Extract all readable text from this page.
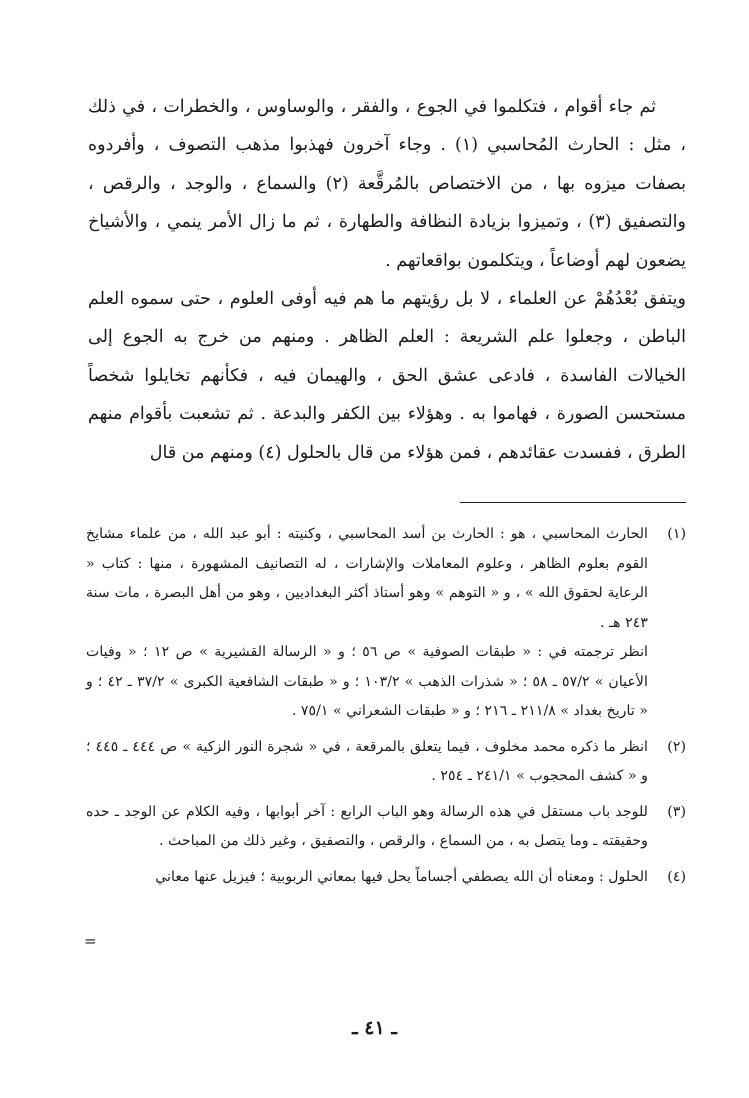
ثم جاء أقوام ، فتكلموا في الجوع ، والفقر ، والوساوس ، والخطرات ، في ذلك ، مثل : الحارث المُحاسبي (١) . وجاء آخرون فهذبوا مذهب التصوف ، وأفردوه بصفات ميزوه بها ، من الاختصاص بالمُرقَّعة (٢) والسماع ، والوجد ، والرقص ، والتصفيق (٣) ، وتميزوا بزيادة النظافة والطهارة ، ثم ما زال الأمر ينمي ، والأشياخ يضعون لهم أوضاعاً ، ويتكلمون بواقعاتهم .

ويتفق بُعْدُهُمْ عن العلماء ، لا بل رؤيتهم ما هم فيه أوفى العلوم ، حتى سموه العلم الباطن ، وجعلوا علم الشريعة : العلم الظاهر . ومنهم من خرج به الجوع إلى الخيالات الفاسدة ، فادعى عشق الحق ، والهيمان فيه ، فكأنهم تخايلوا شخصاً مستحسن الصورة ، فهاموا به . وهؤلاء بين الكفر والبدعة . ثم تشعبت بأقوام منهم الطرق ، ففسدت عقائدهم ، فمن هؤلاء من قال بالحلول (٤) ومنهم من قال

(١)

الحارث المحاسبي ، هو : الحارث بن أسد المحاسبي ، وكنيته : أبو عبد الله ، من علماء مشايخ القوم بعلوم الظاهر ، وعلوم المعاملات والإشارات ، له التصانيف المشهورة ، منها : كتاب « الرعاية لحقوق الله » ، و « التوهم » وهو أستاذ أكثر البغداديين ، وهو من أهل البصرة ، مات سنة ٢٤٣ هـ .

انظر ترجمته في : « طبقات الصوفية » ص ٥٦ ؛ و « الرسالة القشيرية » ص ١٢ ؛ « وفيات الأعيان » ٥٧/٢ ـ ٥٨ ؛ « شذرات الذهب » ١٠٣/٢ ؛ و « طبقات الشافعية الكبرى » ٣٧/٢ ـ ٤٢ ؛ و « تاريخ بغداد » ٢١١/٨ ـ ٢١٦ ؛ و « طبقات الشعراني » ٧٥/١ .

(٢)

انظر ما ذكره محمد مخلوف ، فيما يتعلق بالمرقعة ، في « شجرة النور الزكية » ص ٤٤٤ ـ ٤٤٥ ؛ و « كشف المحجوب » ٢٤١/١ ـ ٢٥٤ .

(٣)

للوجد باب مستقل في هذه الرسالة وهو الباب الرابع : آخر أبوابها ، وفيه الكلام عن الوجد ـ حده وحقيقته ـ وما يتصل به ، من السماع ، والرقص ، والتصفيق ، وغير ذلك من المباحث .

(٤)

الحلول : ومعناه أن الله يصطفي أجساماً يحل فيها بمعاني الربوبية ؛ فيزيل عنها معاني

=
ـ ٤١ ـ
